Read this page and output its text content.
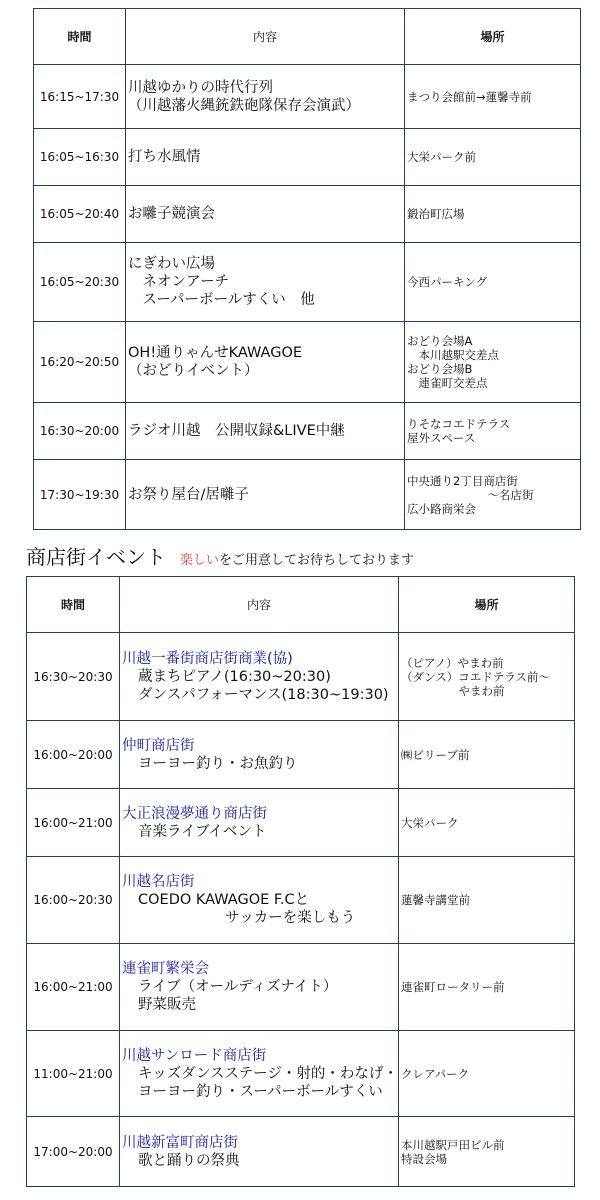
時間	内容	場所
16:15~17:30	川越ゆかりの時代行列
（川越藩火縄銃鉄砲隊保存会演武）	まつり会館前→蓮馨寺前

16:05~16:30	打ち水風情	大栄パーク前

16:05~20:40	お囃子競演会	鍛治町広場

16:05~20:30	にぎわい広場
　ネオンアーチ
　スーパーボールすくい　他	今西パーキング

16:20~20:50	OH!通りゃんせKAWAGOE
（おどりイベント）	おどり会場A
　本川越駅交差点
おどり会場B
　連雀町交差点

16:30~20:00	ラジオ川越　公開収録&LIVE中継	りそなコエドテラス
屋外スペース

17:30~19:30	お祭り屋台/居囃子	中央通り2丁目商店街
　　　　　　　〜名店街
広小路商栄会
商店街イベント 楽しいをご用意してお待ちしております
時間	内容	場所
16:30~20:30	川越一番街商店街商業(協)
蔵まちピアノ(16:30~20:30)
ダンスパフォーマンス(18:30~19:30)	（ピアノ）やまわ前
（ダンス）コエドテラス前〜
　　　　　やまわ前

16:00~20:00	仲町商店街
ヨーヨー釣り・お魚釣り	㈱ビリーブ前

16:00~21:00	大正浪漫夢通り商店街
音楽ライブイベント	大栄パーク

16:00~20:30	川越名店街
COEDO KAWAGOE F.Cと
　　　　　　サッカーを楽しもう	蓮馨寺講堂前

16:00~21:00	連雀町繁栄会
ライブ（オールディズナイト）
野菜販売	連雀町ロータリー前

11:00~21:00	川越サンロード商店街
キッズダンスステージ・射的・わなげ・
ヨーヨー釣り・スーパーボールすくい	クレアパーク

17:00~20:00	川越新富町商店街
歌と踊りの祭典	本川越駅戸田ビル前
特設会場
